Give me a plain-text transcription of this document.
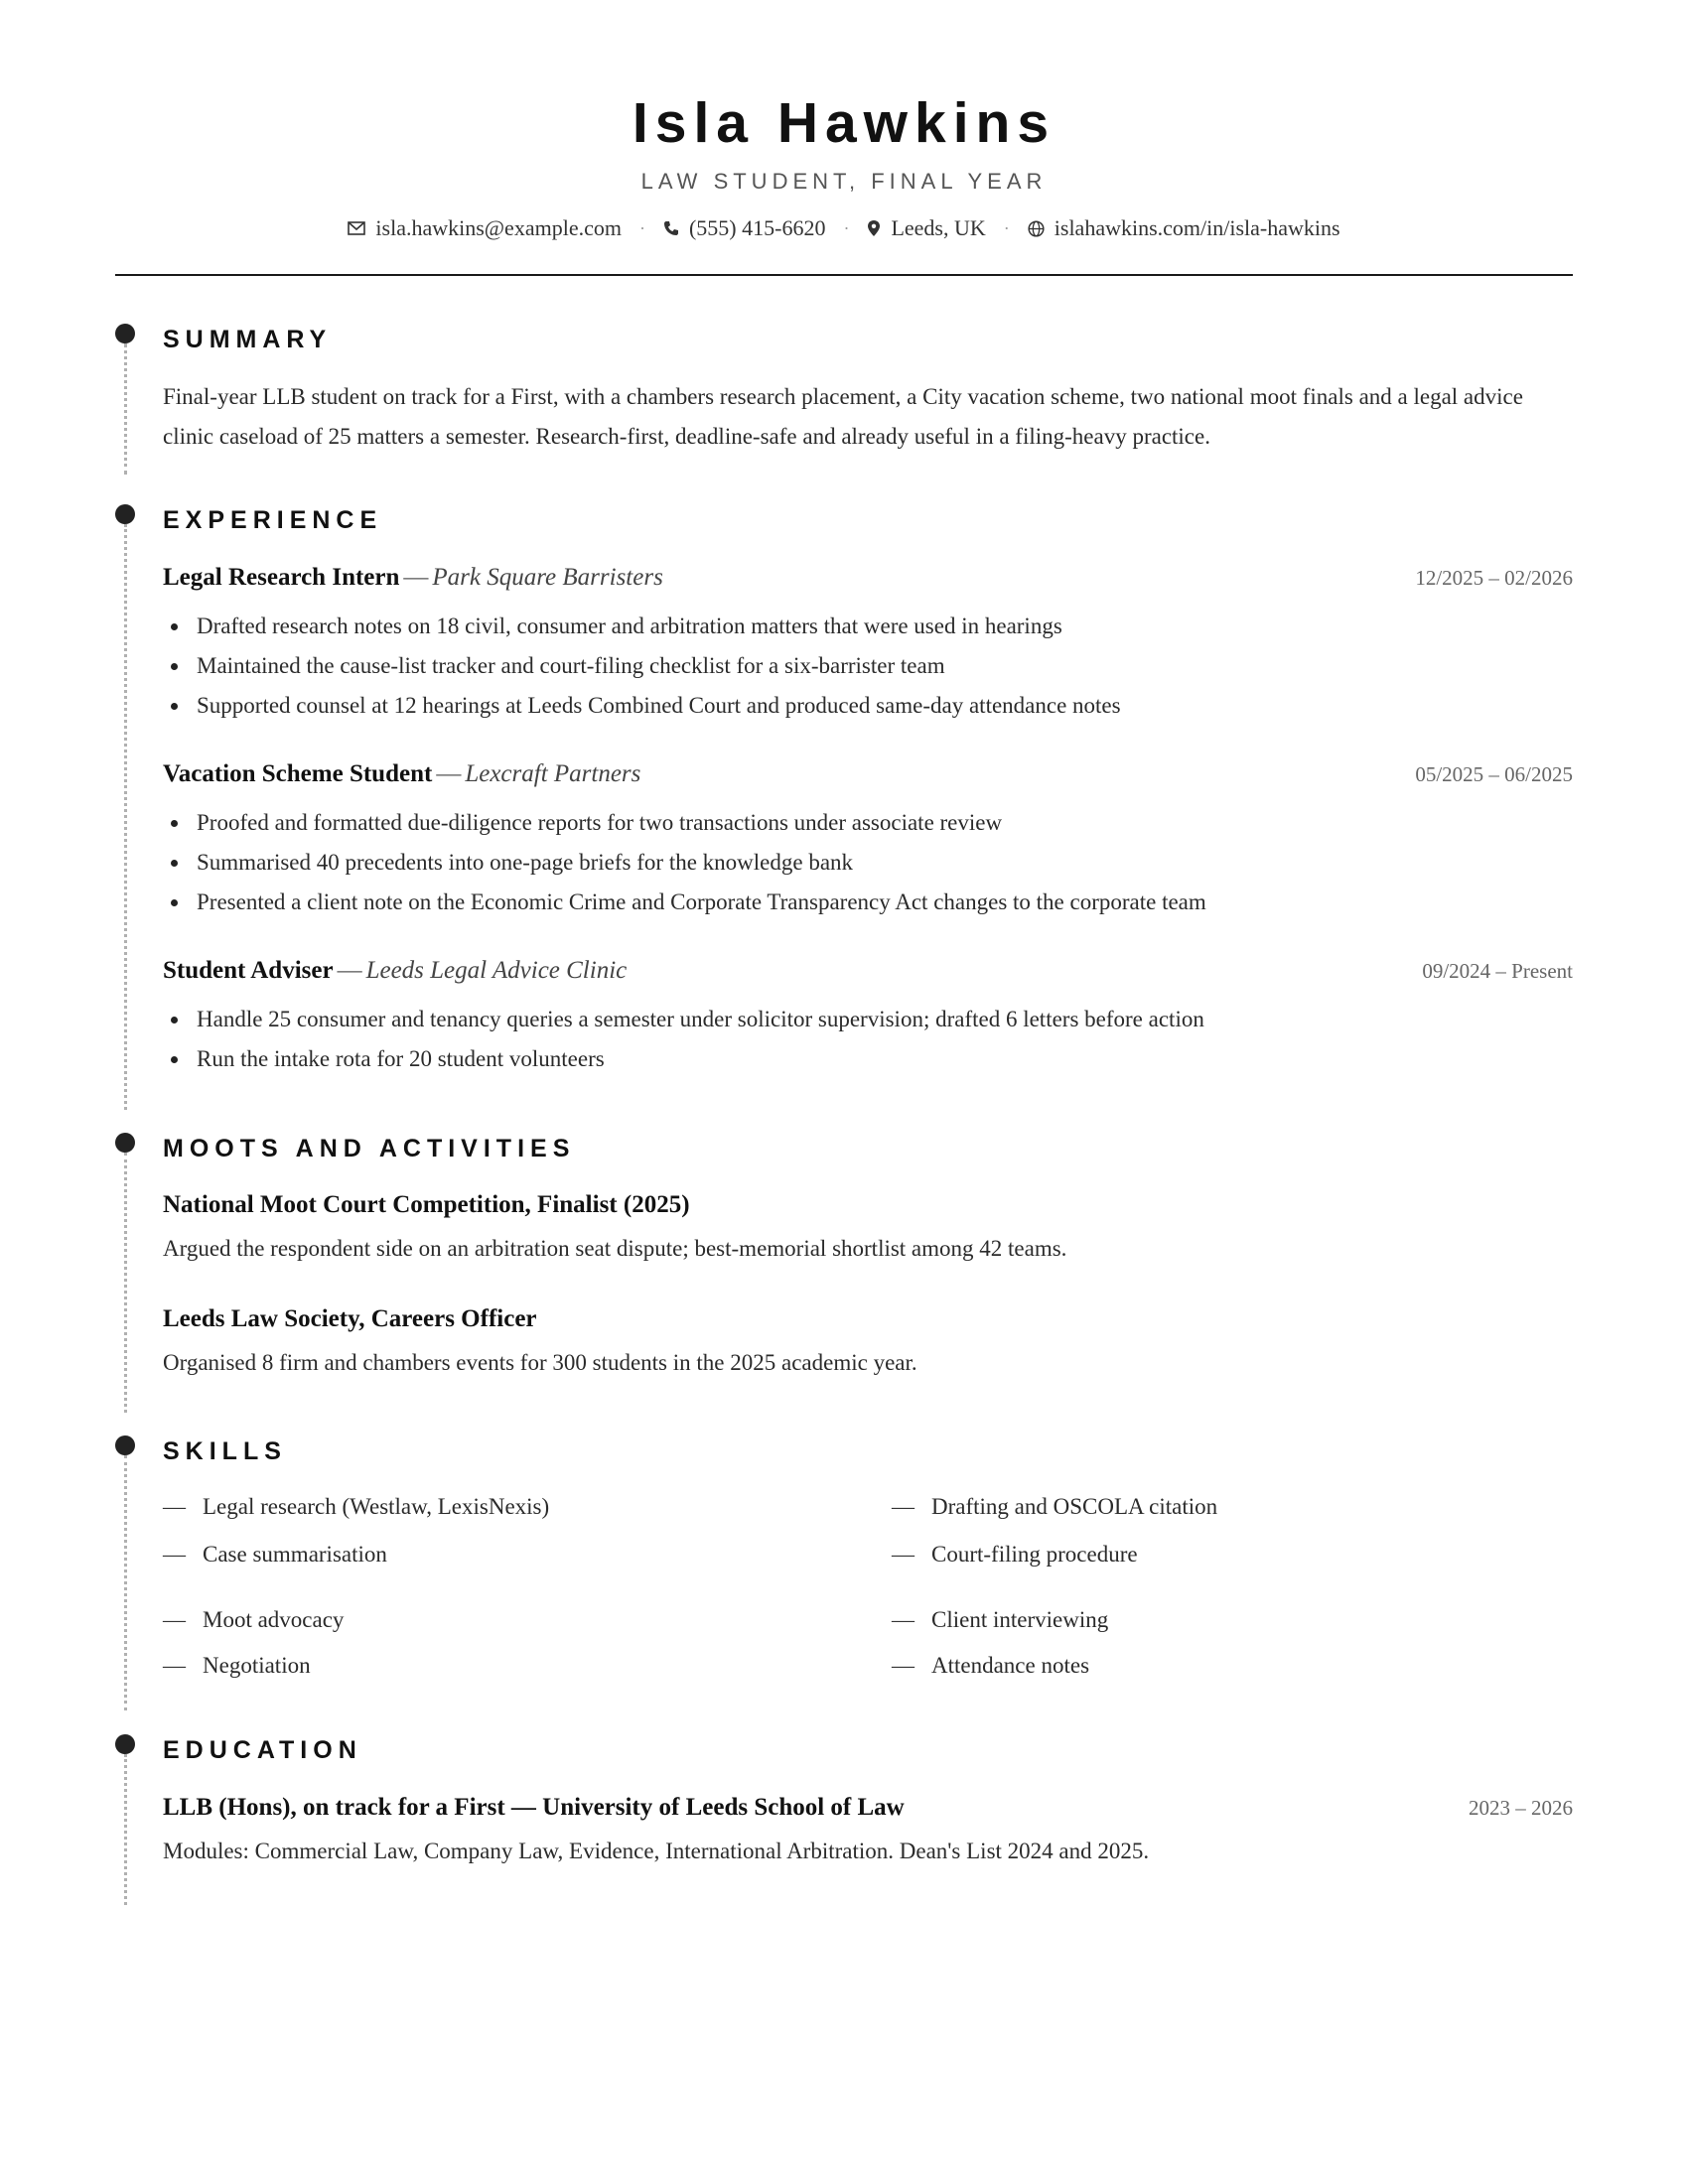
Isla Hawkins
LAW STUDENT, FINAL YEAR
isla.hawkins@example.com · (555) 415-6620 · Leeds, UK · islahawkins.com/in/isla-hawkins
SUMMARY
Final-year LLB student on track for a First, with a chambers research placement, a City vacation scheme, two national moot finals and a legal advice clinic caseload of 25 matters a semester. Research-first, deadline-safe and already useful in a filing-heavy practice.
EXPERIENCE
Legal Research Intern — Park Square Barristers	12/2025 – 02/2026
Drafted research notes on 18 civil, consumer and arbitration matters that were used in hearings
Maintained the cause-list tracker and court-filing checklist for a six-barrister team
Supported counsel at 12 hearings at Leeds Combined Court and produced same-day attendance notes
Vacation Scheme Student — Lexcraft Partners	05/2025 – 06/2025
Proofed and formatted due-diligence reports for two transactions under associate review
Summarised 40 precedents into one-page briefs for the knowledge bank
Presented a client note on the Economic Crime and Corporate Transparency Act changes to the corporate team
Student Adviser — Leeds Legal Advice Clinic	09/2024 – Present
Handle 25 consumer and tenancy queries a semester under solicitor supervision; drafted 6 letters before action
Run the intake rota for 20 student volunteers
MOOTS AND ACTIVITIES
National Moot Court Competition, Finalist (2025)
Argued the respondent side on an arbitration seat dispute; best-memorial shortlist among 42 teams.
Leeds Law Society, Careers Officer
Organised 8 firm and chambers events for 300 students in the 2025 academic year.
SKILLS
— Legal research (Westlaw, LexisNexis)	— Drafting and OSCOLA citation
— Case summarisation	— Court-filing procedure
— Moot advocacy	— Client interviewing
— Negotiation	— Attendance notes
EDUCATION
LLB (Hons), on track for a First — University of Leeds School of Law	2023 – 2026
Modules: Commercial Law, Company Law, Evidence, International Arbitration. Dean's List 2024 and 2025.
